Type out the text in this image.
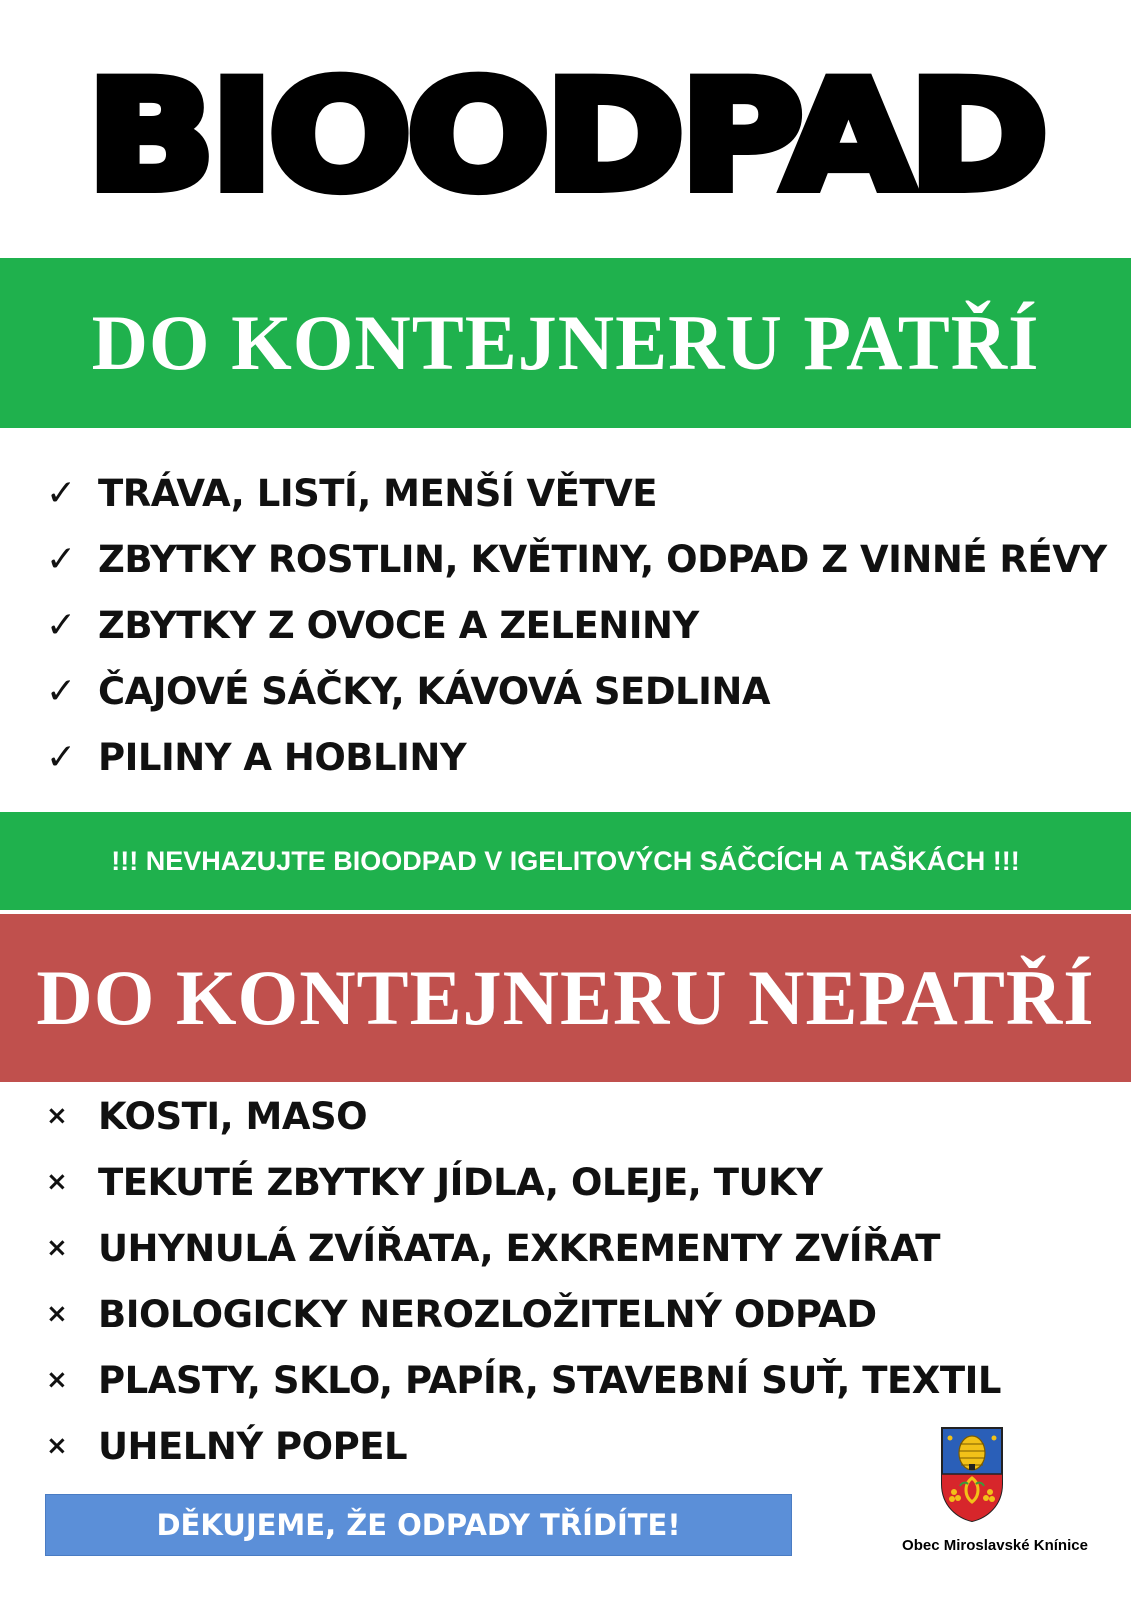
BIOODPAD
DO KONTEJNERU PATŘÍ
✓ TRÁVA, LISTÍ, MENŠÍ VĚTVE
✓ ZBYTKY ROSTLIN, KVĚTINY, ODPAD Z VINNÉ RÉVY
✓ ZBYTKY Z OVOCE A ZELENINY
✓ ČAJOVÉ SÁČKY, KÁVOVÁ SEDLINA
✓ PILINY A HOBLINY
!!! NEVHAZUJTE BIOODPAD V IGELITOVÝCH SÁČCÍCH A TAŠKÁCH !!!
DO KONTEJNERU NEPATŘÍ
× KOSTI, MASO
× TEKUTÉ ZBYTKY JÍDLA, OLEJE, TUKY
× UHYNULÁ ZVÍŘATA, EXKREMENTY ZVÍŘAT
× BIOLOGICKY NEROZLOŽITELNÝ ODPAD
× PLASTY, SKLO, PAPÍR, STAVEBNÍ SUŤ, TEXTIL
× UHELNÝ POPEL
DĚKUJEME, ŽE ODPADY TŘÍDÍTE!
Obec Miroslavské Knínice
